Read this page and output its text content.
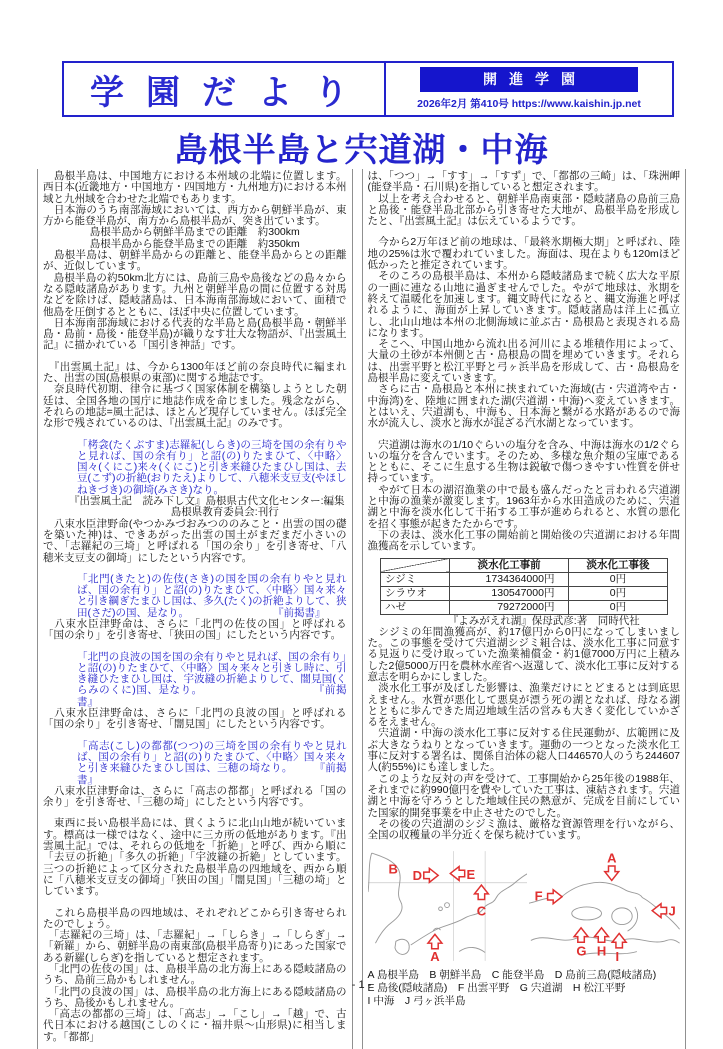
学園だより	開進学園
2026年2月 第410号 https://www.kaishin.jp.net
島根半島と宍道湖・中海
　島根半島は、中国地方における本州域の北端に位置します。西日本(近畿地方・中国地方・四国地方・九州地方)における本州域と九州域を合わせた北端でもあります。
　日本海のうち南部海域においては、西方から朝鮮半島が、東方から能登半島が、南方から島根半島が、突き出ています。
島根半島から朝鮮半島までの距離　約300km
島根半島から能登半島までの距離　約350km
　島根半島は、朝鮮半島からの距離と、能登半島からとの距離が、近似しています。
　島根半島の約50km北方には、島前三島や島後などの島々からなる隠岐諸島があります。九州と朝鮮半島の間に位置する対馬などを除けば、隠岐諸島は、日本海南部海域において、面積で他島を圧倒するとともに、ほぼ中央に位置しています。
　日本海南部海域における代表的な半島と島(島根半島・朝鮮半島・島前・島後・能登半島)が織りなす壮大な物語が、『出雲風土記』に描かれている「国引き神話」です。
　『出雲風土記』は、今から1300年ほど前の奈良時代に編まれた、出雲の国(島根県の東部)に関する地誌です。
　奈良時代初期、律令に基づく国家体制を構築しようとした朝廷は、全国各地の国庁に地誌作成を命じました。残念ながら、それらの地誌=風土記は、ほとんど現存していません。ほぼ完全な形で残されているのは、『出雲風土記』のみです。
「栲衾(たくぶすま)志羅紀(しらき)の三埼を国の余有りやと見れば、国の余有り」と詔(の)りたまひて、〈中略〉国々(くにこ)来々(くにこ)と引き来縫ひたまひし国は、去豆(こず)の折絶(おりたえ)よりして、八穂米支豆支(やほしねきづき)の御埼(みさき)なり。
『出雲風土記　読み下し文』島根県古代文化センター:編集
島根県教育委員会:刊行
　八束水臣津野命(やつかみづおみつののみこと・出雲の国の礎を築いた神)は、できあがった出雲の国土がまだまだ小さいので、「志羅紀の三埼」と呼ばれる「国の余り」を引き寄せ、「八穂米支豆支の御埼」にしたという内容です。
「北門(きたと)の佐伎(さき)の国を国の余有りやと見れば、国の余有り」と詔(の)りたまひて、〈中略〉国々来々と引き綱ぎたまひし国は、多久(たく)の折絶よりして、狭田(さだ)の国、是なり。　　　　　　　　　『前掲書』
　八束水臣津野命は、さらに「北門の佐伎の国」と呼ばれる「国の余り」を引き寄せ、「狭田の国」にしたという内容です。
「北門の良波の国を国の余有りやと見れば、国の余有り」と詔(の)りたまひて、〈中略〉国々来々と引きし時に、引き縫ひたまひし国は、宇波縫の折絶よりして、闇見国(くらみのくに)国、是なり。　　　　　　　　　　　『前掲書』
　八束水臣津野命は、さらに「北門の良波の国」と呼ばれる「国の余り」を引き寄せ、「闇見国」にしたという内容です。
「高志(こし)の都都(つつ)の三埼を国の余有りやと見れば、国の余有り」と詔(の)りたまひて、〈中略〉国々来々と引き来縫ひたまひし国は、三穂の埼なり。　　　『前掲書』
　八束水臣津野命は、さらに「高志の都都」と呼ばれる「国の余り」を引き寄せ、「三穂の埼」にしたという内容です。
　東西に長い島根半島には、貫くように北山山地が続いています。標高は一様ではなく、途中に三カ所の低地があります。『出雲風土記』では、それらの低地を「折絶」と呼び、西から順に「去豆の折絶」「多久の折絶」「宇波縫の折絶」としています。三つの折絶によって区分された島根半島の四地域を、西から順に「八穂米支豆支の御埼」「狭田の国」「闇見国」「三穂の埼」としています。
　これら島根半島の四地域は、それぞれどこから引き寄せられたのでしょう。
　「志羅紀の三埼」は、「志羅紀」→「しらき」→「しらぎ」→「新羅」から、朝鮮半島の南東部(島根半島寄り)にあった国家である新羅(しらぎ)を指していると想定されます。
　「北門の佐伎の国」は、島根半島の北方海上にある隠岐諸島のうち、島前三島かもしれません。
　「北門の良波の国」は、島根半島の北方海上にある隠岐諸島のうち、島後かもしれません。
　「高志の都都の三埼」は、「高志」→「こし」→「越」で、古代日本における越国(こしのくに・福井県〜山形県)に相当します。「都都」
は、「つつ」→「すす」→「すず」で、「都都の三崎」は、「珠洲岬(能登半島・石川県)を指していると想定されます。
　以上を考え合わせると、朝鮮半島南東部・隠岐諸島の島前三島と島後・能登半島北部から引き寄せた大地が、島根半島を形成したと、『出雲風土記』は伝えているようです。
　今から2万年ほど前の地球は、「最終氷期極大期」と呼ばれ、陸地の25%は氷で覆われていました。海面は、現在よりも120mほど低かったと推定されています。
　そのころの島根半島は、本州から隠岐諸島まで続く広大な平原の一画に連なる山地に過ぎませんでした。やがて地球は、氷期を終えて温暖化を加速します。縄文時代になると、縄文海進と呼ばれるように、海面が上昇していきます。隠岐諸島は洋上に孤立し、北山山地は本州の北側海域に並ぶ古・島根島と表現される島になります。
　そこへ、中国山地から流れ出る河川による堆積作用によって、大量の土砂が本州側と古・島根島の間を埋めていきます。それらは、出雲平野と松江平野と弓ヶ浜半島を形成して、古・島根島を島根半島に変えていきます。
　さらに古・島根島と本州に挟まれていた海域(古・宍道湾や古・中海湾)を、陸地に囲まれた湖(宍道湖・中海)へ変えていきます。とはいえ、宍道湖も、中海も、日本海と繋がる水路があるので海水が流入し、淡水と海水が混ざる汽水湖となっています。
　宍道湖は海水の1/10ぐらいの塩分を含み、中海は海水の1/2ぐらいの塩分を含んでいます。そのため、多様な魚介類の宝庫であるとともに、そこに生息する生物は鋭敏で傷つきやすい性質を併せ持っています。
　やがて日本の湖沼漁業の中で最も盛んだったと言われる宍道湖と中海の漁業が激変します。1963年から水田造成のために、宍道湖と中海を淡水化して干拓する工事が進められると、水質の悪化を招く事態が起きたたからです。
　下の表は、淡水化工事の開始前と開始後の宍道湖における年間漁獲高を示しています。
	淡水化工事前	淡水化工事後
シジミ	1734364000円	0円
シラウオ	130547000円	0円
ハゼ	79272000円	0円
『よみがえれ湖』保母武彦:著　同時代社
　シジミの年間漁獲高が、約17億円から0円になってしまいました。この事態を受けて宍道湖シジミ組合は、淡水化工事に同意する見返りに受け取っていた漁業補償金・約1億7000万円に上積みした2億5000万円を農林水産省へ返還して、淡水化工事に反対する意志を明らかにしました。
　淡水化工事が及ぼした影響は、漁業だけにとどまるとは到底思えません。水質が悪化して悪臭が漂う死の湖となれば、母なる湖とともに歩んできた周辺地域生活の営みも大きく変化していかざるをえません。
　宍道湖・中海の淡水化工事に反対する住民運動が、広範囲に及ぶ大きなうねりとなっていきます。運動の一つとなった淡水化工事に反対する署名は、関係自治体の総人口446570人のうち244607人(約55%)にも達しました。
　このような反対の声を受けて、工事開始から25年後の1988年、それまでに約990億円を費やしていた工事は、凍結されます。宍道湖と中海を守ろうとした地域住民の熱意が、完成を目前にしていた国家的開発事業を中止させたのでした。
　その後の宍道湖のシジミ漁は、厳格な資源管理を行いながら、全国の収穫量の半分近くを保ち続けています。
B D	E
C
A
A
F
G H I
J
A 島根半島　B 朝鮮半島　C 能登半島　D 島前三島(隠岐諸島)
E 島後(隠岐諸島)　F 出雲平野　G 宍道湖　H 松江平野
I 中海　J 弓ヶ浜半島
- 1 -
